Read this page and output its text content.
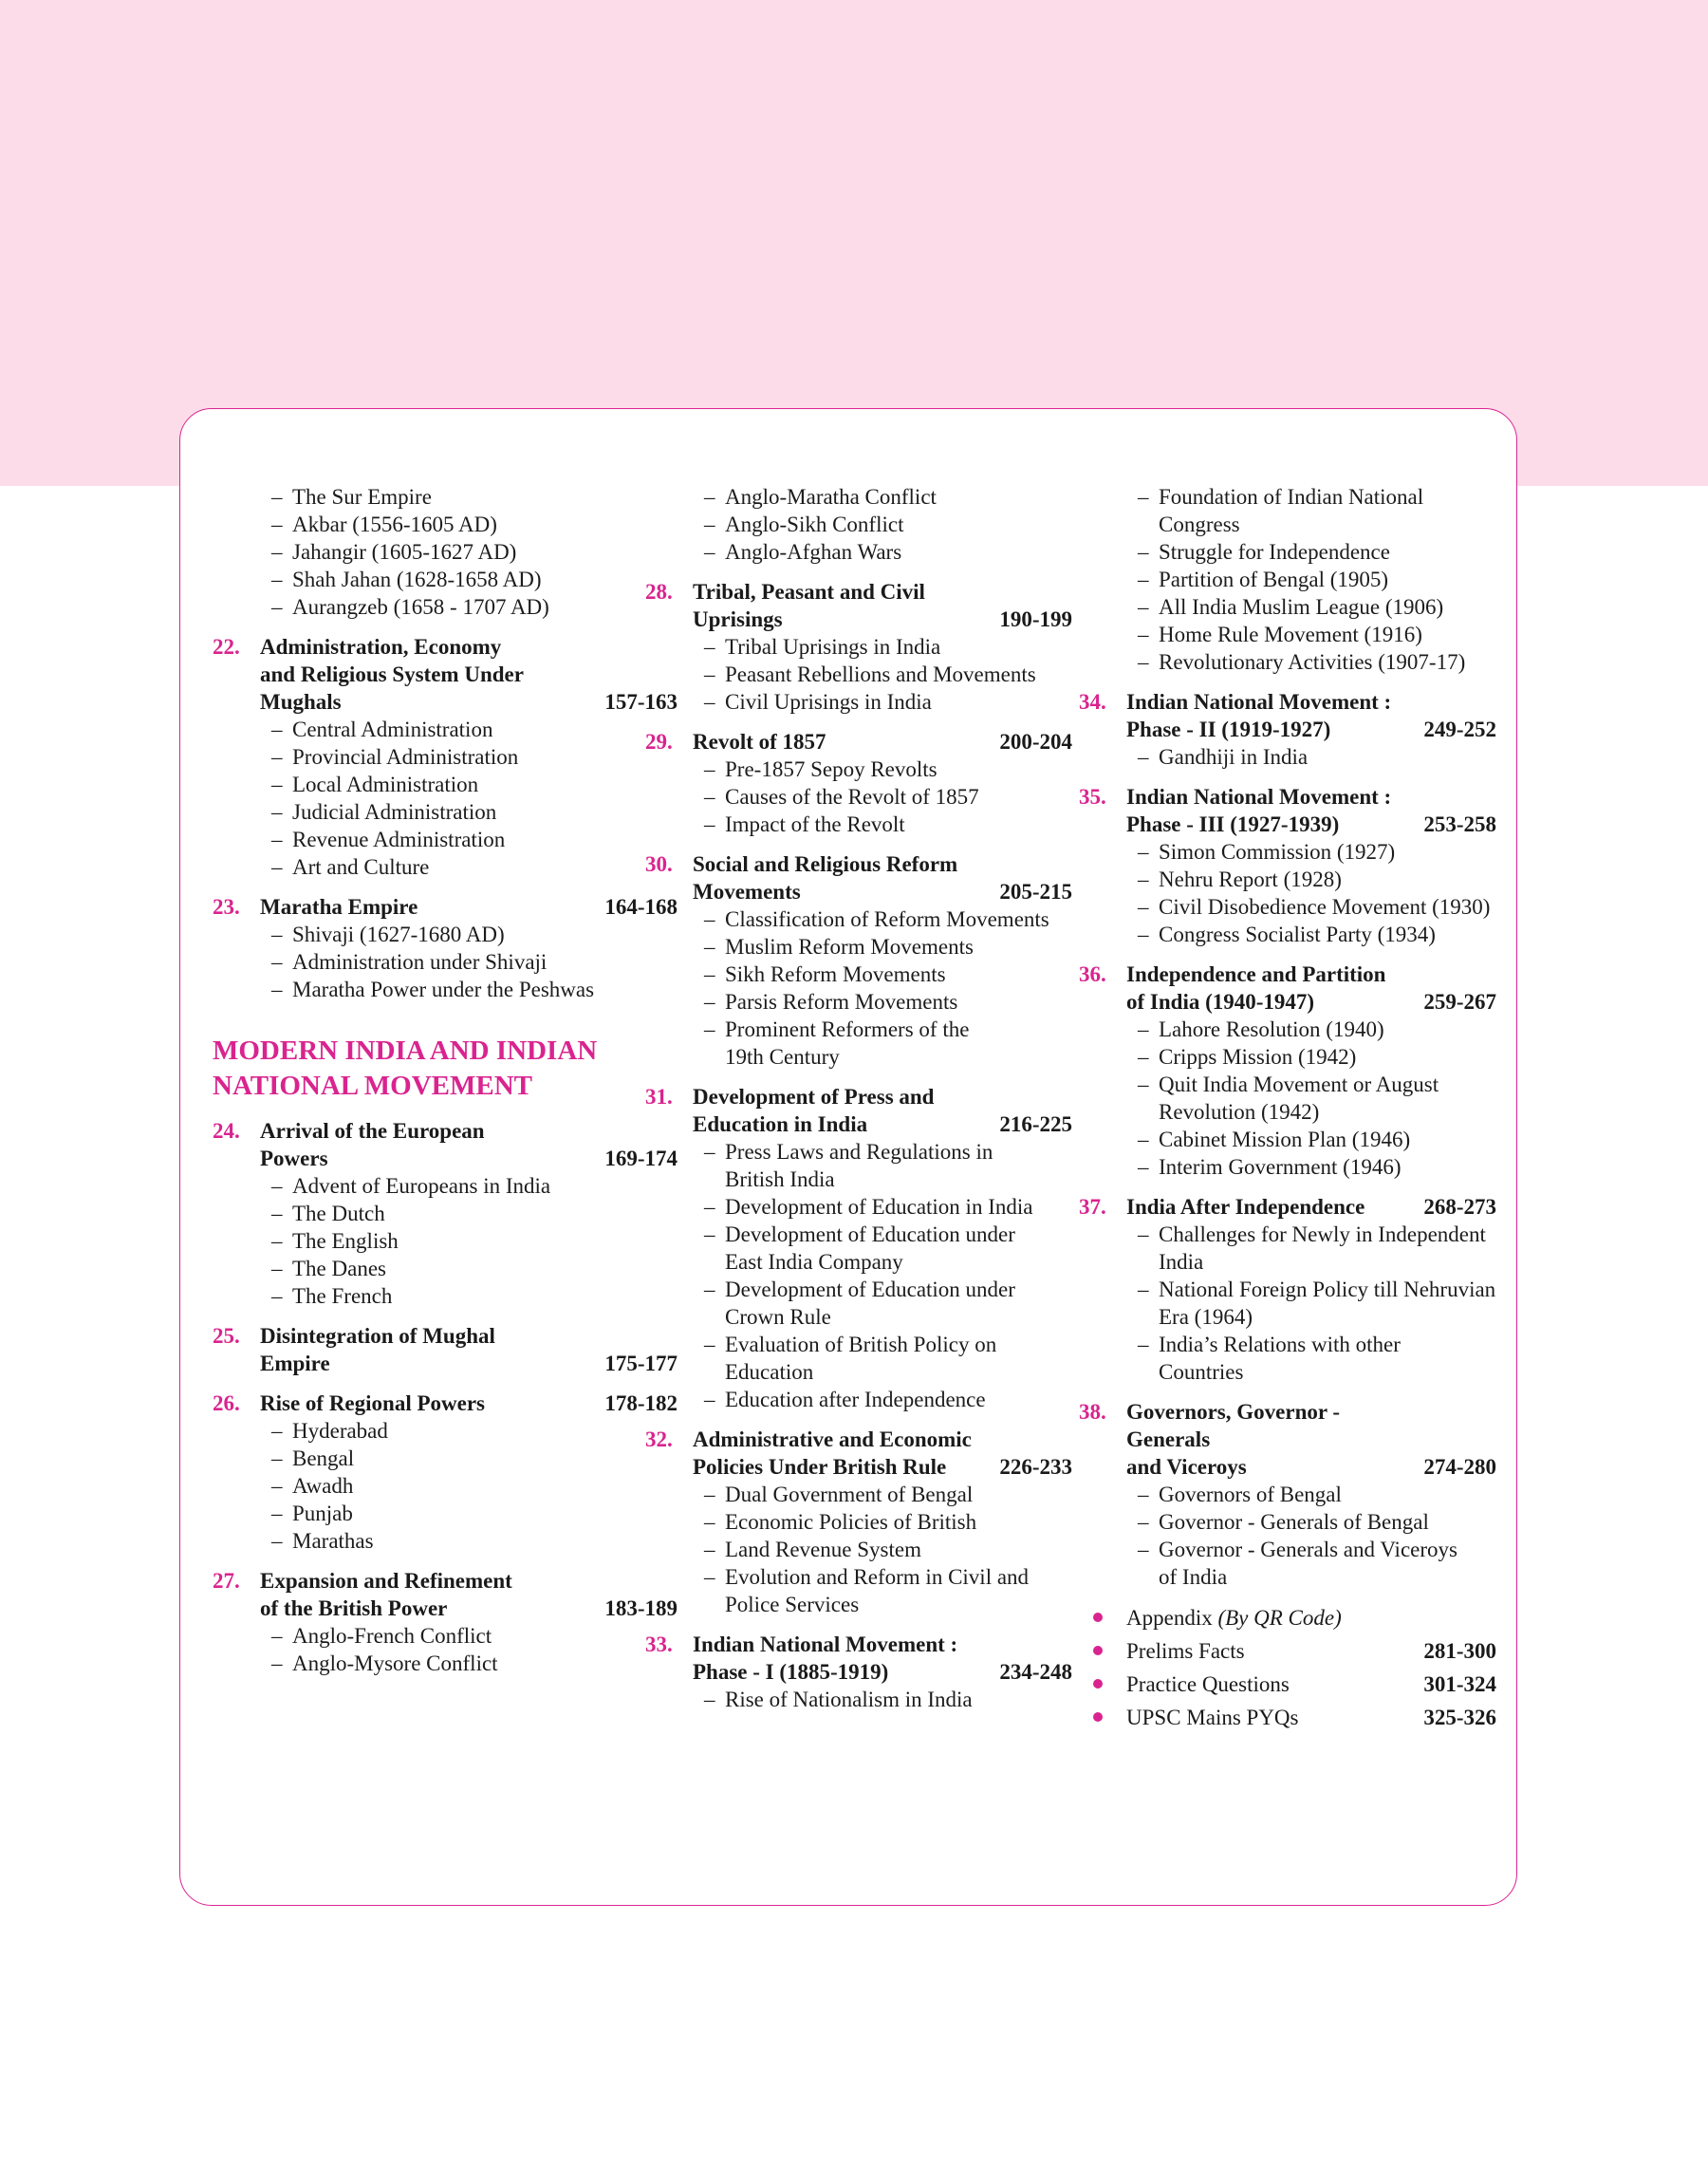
– The Sur Empire
– Akbar (1556-1605 AD)
– Jahangir (1605-1627 AD)
– Shah Jahan (1628-1658 AD)
– Aurangzeb (1658 - 1707 AD)
22. Administration, Economy
and Religious System Under
Mughals	157-163
– Central Administration
– Provincial Administration
– Local Administration
– Judicial Administration
– Revenue Administration
– Art and Culture
23. Maratha Empire	164-168
– Shivaji (1627-1680 AD)
– Administration under Shivaji
– Maratha Power under the Peshwas
MODERN INDIA AND INDIAN
NATIONAL MOVEMENT
24. Arrival of the European
Powers	169-174
– Advent of Europeans in India
– The Dutch
– The English
– The Danes
– The French
25. Disintegration of Mughal
Empire	175-177
26. Rise of Regional Powers	178-182
– Hyderabad
– Bengal
– Awadh
– Punjab
– Marathas
27. Expansion and Refinement
of the British Power	183-189
– Anglo-French Conflict
– Anglo-Mysore Conflict
– Anglo-Maratha Conflict
– Anglo-Sikh Conflict
– Anglo-Afghan Wars
28. Tribal, Peasant and Civil
Uprisings	190-199
– Tribal Uprisings in India
– Peasant Rebellions and Movements
– Civil Uprisings in India
29. Revolt of 1857	200-204
– Pre-1857 Sepoy Revolts
– Causes of the Revolt of 1857
– Impact of the Revolt
30. Social and Religious Reform
Movements	205-215
– Classification of Reform Movements
– Muslim Reform Movements
– Sikh Reform Movements
– Parsis Reform Movements
– Prominent Reformers of the
19th Century
31. Development of Press and
Education in India	216-225
– Press Laws and Regulations in
British India
– Development of Education in India
– Development of Education under
East India Company
– Development of Education under
Crown Rule
– Evaluation of British Policy on
Education
– Education after Independence
32. Administrative and Economic
Policies Under British Rule	226-233
– Dual Government of Bengal
– Economic Policies of British
– Land Revenue System
– Evolution and Reform in Civil and
Police Services
33. Indian National Movement :
Phase - I (1885-1919)	234-248
– Rise of Nationalism in India
– Foundation of Indian National
Congress
– Struggle for Independence
– Partition of Bengal (1905)
– All India Muslim League (1906)
– Home Rule Movement (1916)
– Revolutionary Activities (1907-17)
34. Indian National Movement :
Phase - II (1919-1927)	249-252
– Gandhiji in India
35. Indian National Movement :
Phase - III (1927-1939)	253-258
– Simon Commission (1927)
– Nehru Report (1928)
– Civil Disobedience Movement (1930)
– Congress Socialist Party (1934)
36. Independence and Partition
of India (1940-1947)	259-267
– Lahore Resolution (1940)
– Cripps Mission (1942)
– Quit India Movement or August
Revolution (1942)
– Cabinet Mission Plan (1946)
– Interim Government (1946)
37. India After Independence	268-273
– Challenges for Newly in Independent
India
– National Foreign Policy till Nehruvian
Era (1964)
– India’s Relations with other
Countries
38. Governors, Governor - Generals
and Viceroys	274-280
– Governors of Bengal
– Governor - Generals of Bengal
– Governor - Generals and Viceroys
of India
Appendix (By QR Code)
Prelims Facts	281-300
Practice Questions	301-324
UPSC Mains PYQs	325-326
